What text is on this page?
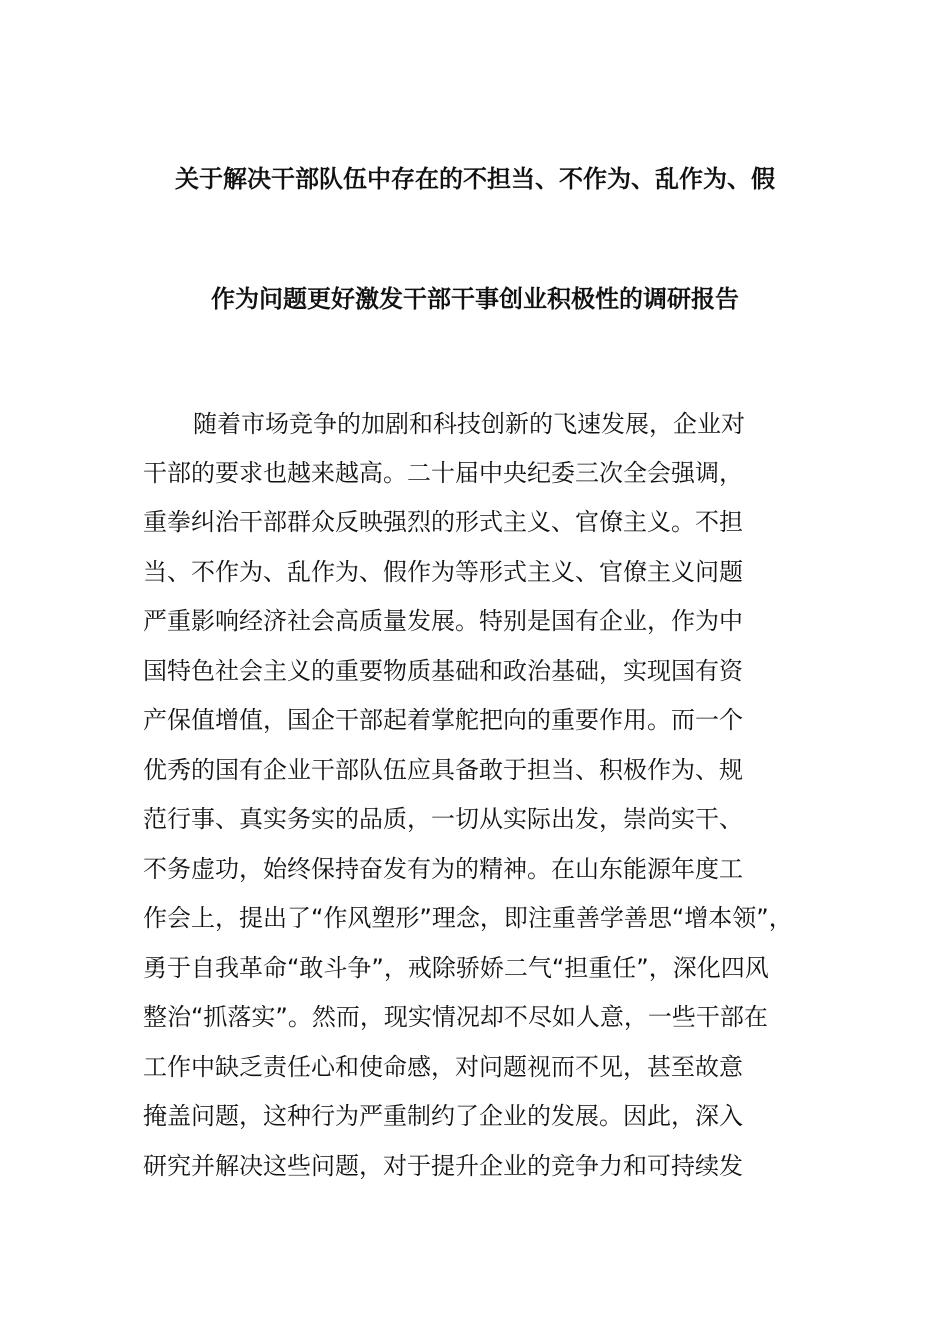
关于解决干部队伍中存在的不担当、不作为、乱作为、假
作为问题更好激发干部干事创业积极性的调研报告
随着市场竞争的加剧和科技创新的飞速发展，企业对
干部的要求也越来越高。二十届中央纪委三次全会强调，
重拳纠治干部群众反映强烈的形式主义、官僚主义。不担
当、不作为、乱作为、假作为等形式主义、官僚主义问题
严重影响经济社会高质量发展。特别是国有企业，作为中
国特色社会主义的重要物质基础和政治基础，实现国有资
产保值增值，国企干部起着掌舵把向的重要作用。而一个
优秀的国有企业干部队伍应具备敢于担当、积极作为、规
范行事、真实务实的品质，一切从实际出发，崇尚实干、
不务虚功，始终保持奋发有为的精神。在山东能源年度工
作会上，提出了“作风塑形”理念，即注重善学善思“增本领”，
勇于自我革命“敢斗争”，戒除骄娇二气“担重任”，深化四风
整治“抓落实”。然而，现实情况却不尽如人意，一些干部在
工作中缺乏责任心和使命感，对问题视而不见，甚至故意
掩盖问题，这种行为严重制约了企业的发展。因此，深入
研究并解决这些问题，对于提升企业的竞争力和可持续发
